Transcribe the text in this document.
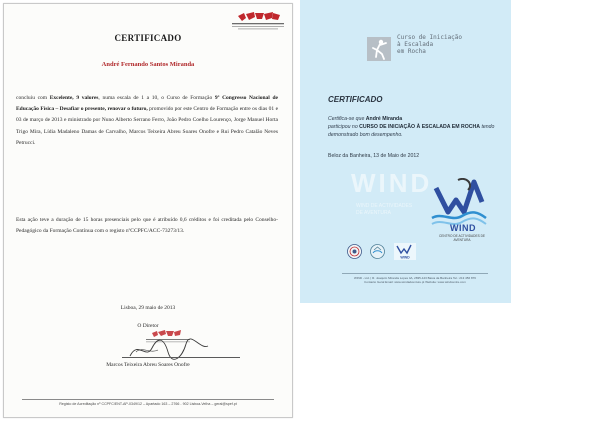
CERTIFICADO
André Fernando Santos Miranda
concluiu com Excelente, 9 valores, numa escala de 1 a 10, o Curso de Formação 9º Congresso Nacional de Educação Física – Desafiar o presente, renovar o futuro, promovido por este Centro de Formação entre os dias 01 e 03 de março de 2013 e ministrado por Nuno Alberto Serrano Ferro, João Pedro Coelho Lourenço, Jorge Manuel Horta Trigo Mira, Lídia Madaleno Damas de Carvalho, Marcos Teixeira Abreu Soares Onofre e Rui Pedro Catalão Neves Petrucci.
Esta ação teve a duração de 15 horas presenciais pelo que é atribuído 0,6 créditos e foi creditada pelo Conselho-Pedagógico da Formação Contínua com o registo nºCCPFC/ACC-73273/13.
Lisboa, 29 maio de 2013
O Diretor
Marcos Teixeira Abreu Soares Onofre
Registo de Acreditação nº CCPFC/ENT-AP-0349/12 – Apartado 163 – 2766 - 902 Lisboa-Velha – geral@spef.pt
Curso de Iniciação
à Escalada
em Rocha
CERTIFICADO
Certifica-se que André Miranda
participou no CURSO DE INICIAÇÃO À ESCALADA EM ROCHA tendo demonstrado bom desempenho.
Beloz da Banheira, 13 de Maio de 2012
WIND
WIND DE ACTIVIDADES
DE AVENTURA
WIND
CENTRO DE ACTIVIDADES DE AVENTURA
WIND
WIND - Ltd. | R. Joaquim Miranda Lopes 4A, 2835-123 Baixa da Banheira Tel.: 213 456 876
Contacto Geral Email: www.windadventure.pt Website: www.windcentre.com
